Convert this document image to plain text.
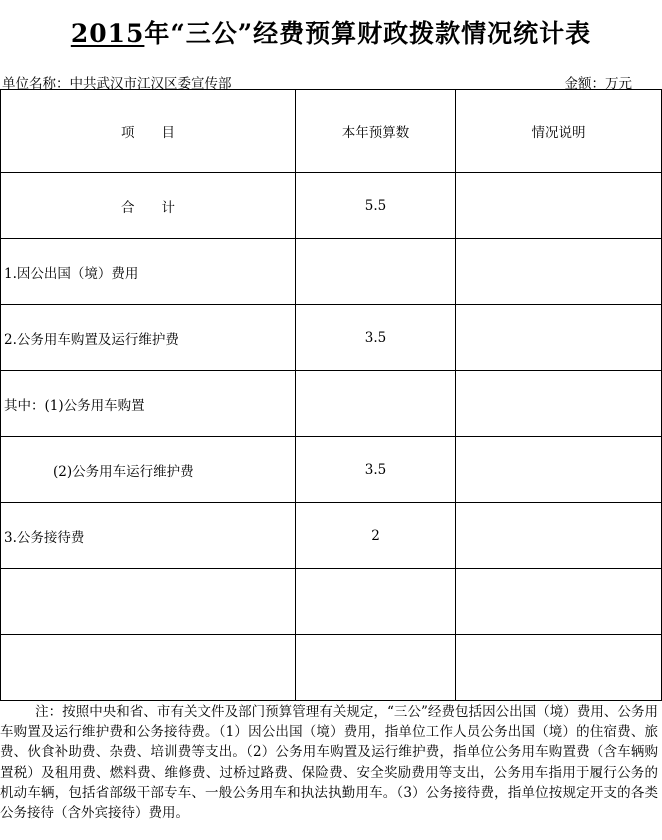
2015年“三公”经费预算财政拨款情况统计表
单位名称：中共武汉市江汉区委宣传部	金额：万元
项　　目	本年预算数	情况说明
合　　计	5.5	
1.因公出国（境）费用		
2.公务用车购置及运行维护费	3.5	
其中：(1)公务用车购置		
(2)公务用车运行维护费	3.5	
3.公务接待费	2	

注：按照中央和省、市有关文件及部门预算管理有关规定，“三公”经费包括因公出国（境）费用、公务用车购置及运行维护费和公务接待费。（1）因公出国（境）费用，指单位工作人员公务出国（境）的住宿费、旅费、伙食补助费、杂费、培训费等支出。（2）公务用车购置及运行维护费，指单位公务用车购置费（含车辆购置税）及租用费、燃料费、维修费、过桥过路费、保险费、安全奖励费用等支出，公务用车指用于履行公务的机动车辆，包括省部级干部专车、一般公务用车和执法执勤用车。（3）公务接待费，指单位按规定开支的各类公务接待（含外宾接待）费用。
